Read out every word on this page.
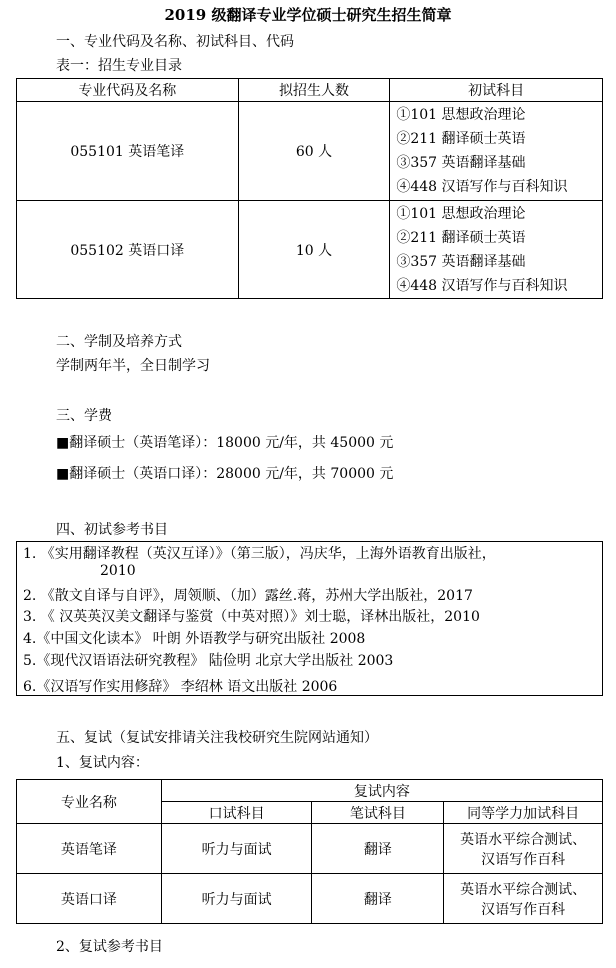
2019 级翻译专业学位硕士研究生招生简章
一、专业代码及名称、初试科目、代码
表一：招生专业目录
专业代码及名称	拟招生人数	初试科目
055101 英语笔译	60 人	①101 思想政治理论
②211 翻译硕士英语
③357 英语翻译基础
④448 汉语写作与百科知识

055102 英语口译	10 人	①101 思想政治理论
②211 翻译硕士英语
③357 英语翻译基础
④448 汉语写作与百科知识
二、学制及培养方式
学制两年半，全日制学习
三、学费
■翻译硕士（英语笔译）：18000 元/年，共 45000 元
■翻译硕士（英语口译）：28000 元/年，共 70000 元
四、初试参考书目
1. 《实用翻译教程（英汉互译）》（第三版），冯庆华，上海外语教育出版社，
2010
2. 《散文自译与自评》，周领顺、（加）露丝.蒋，苏州大学出版社，2017
3. 《 汉英英汉美文翻译与鉴赏（中英对照）》刘士聪，译林出版社，2010
4.《中国文化读本》 叶朗 外语教学与研究出版社 2008
5.《现代汉语语法研究教程》 陆俭明 北京大学出版社 2003
6.《汉语写作实用修辞》 李绍林 语文出版社 2006
五、复试（复试安排请关注我校研究生院网站通知）
1、复试内容：
专业名称	复试内容		
	口试科目	笔试科目	同等学力加试科目
英语笔译	听力与面试	翻译	英语水平综合测试、
汉语写作百科

英语口译	听力与面试	翻译	英语水平综合测试、
汉语写作百科
2、复试参考书目
